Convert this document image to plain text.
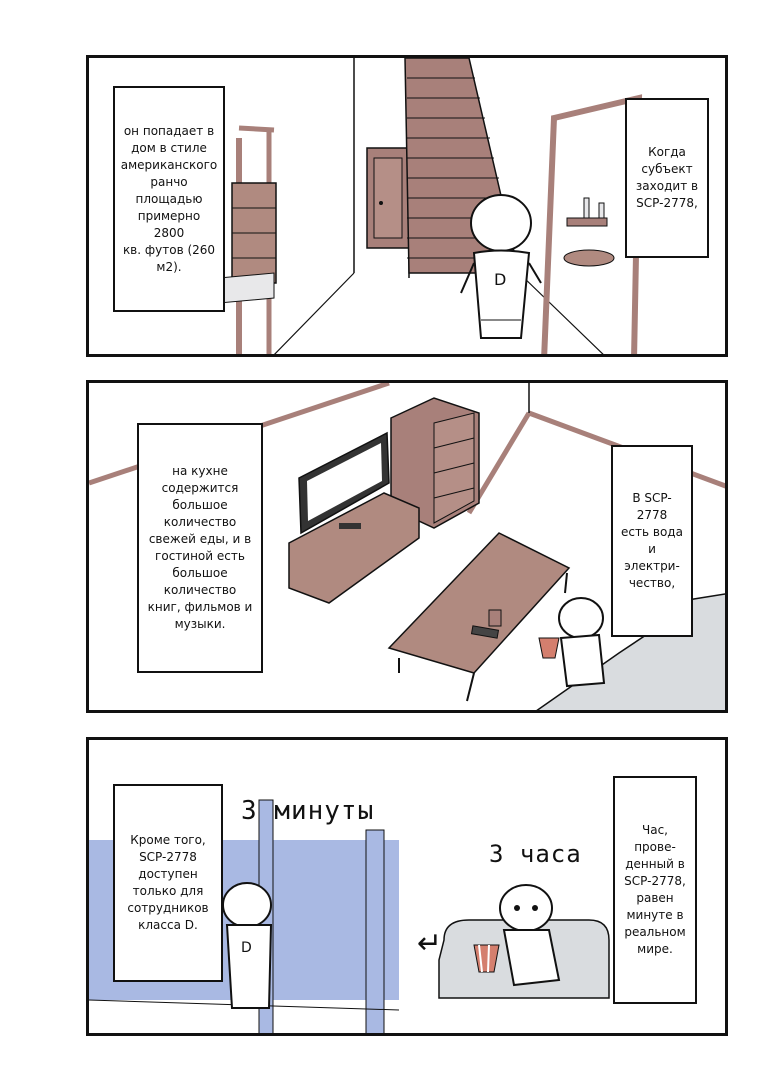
D
он попадает в
дом в стиле
американского
ранчо
площадью
примерно 2800
кв. футов (260
м2).
Когда
субъект
заходит в
SCP-2778,
на кухне
содержится
большое
количество
свежей еды, и в
гостиной есть
большое
количество
книг, фильмов и
музыки.
В SCP-2778
есть вода и
электри-
чество,
D
3 минуты
3 часа
↵
Кроме того,
SCP-2778
доступен
только для
сотрудников
класса D.
Час, прове-
денный в
SCP-2778,
равен
минуте в
реальном
мире.
